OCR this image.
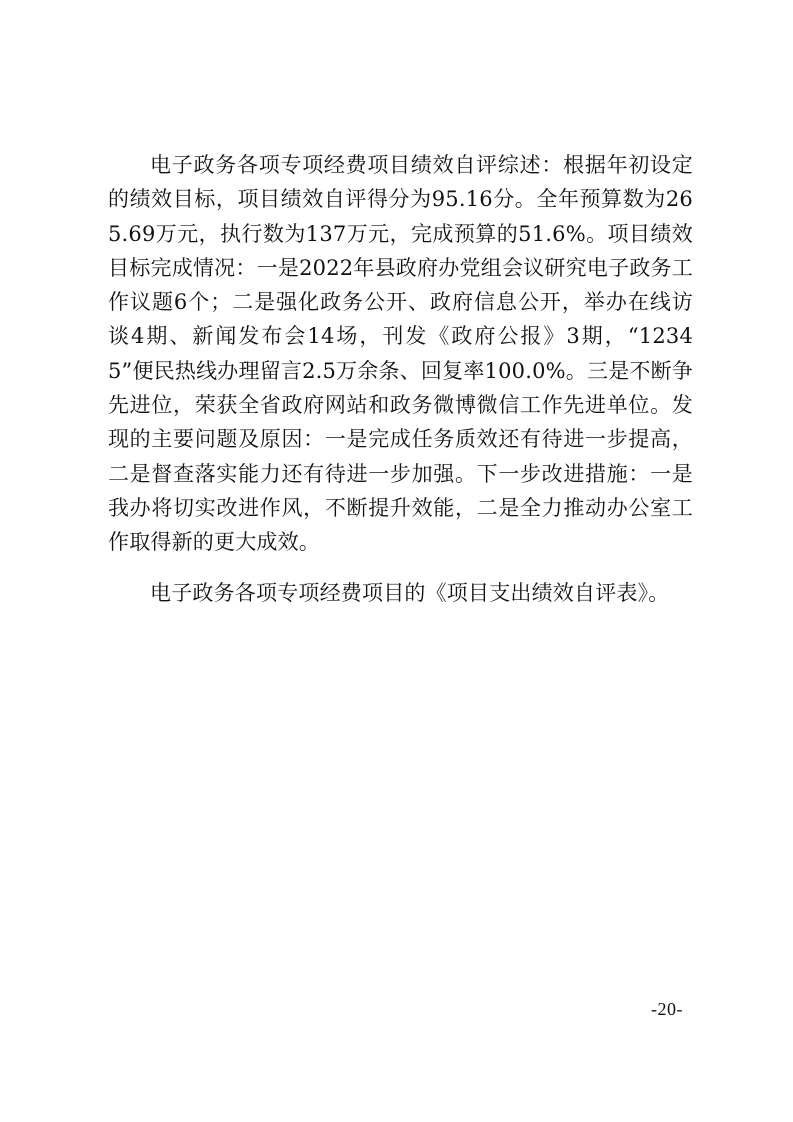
电子政务各项专项经费项目绩效自评综述：根据年初设定的绩效目标，项目绩效自评得分为95.16分。全年预算数为265.69万元，执行数为137万元，完成预算的51.6%。项目绩效目标完成情况：一是2022年县政府办党组会议研究电子政务工作议题6个；二是强化政务公开、政府信息公开，举办在线访谈4期、新闻发布会14场，刊发《政府公报》3期，“12345”便民热线办理留言2.5万余条、回复率100.0%。三是不断争先进位，荣获全省政府网站和政务微博微信工作先进单位。发现的主要问题及原因：一是完成任务质效还有待进一步提高，二是督查落实能力还有待进一步加强。下一步改进措施：一是我办将切实改进作风，不断提升效能，二是全力推动办公室工作取得新的更大成效。

电子政务各项专项经费项目的《项目支出绩效自评表》。

-20-
